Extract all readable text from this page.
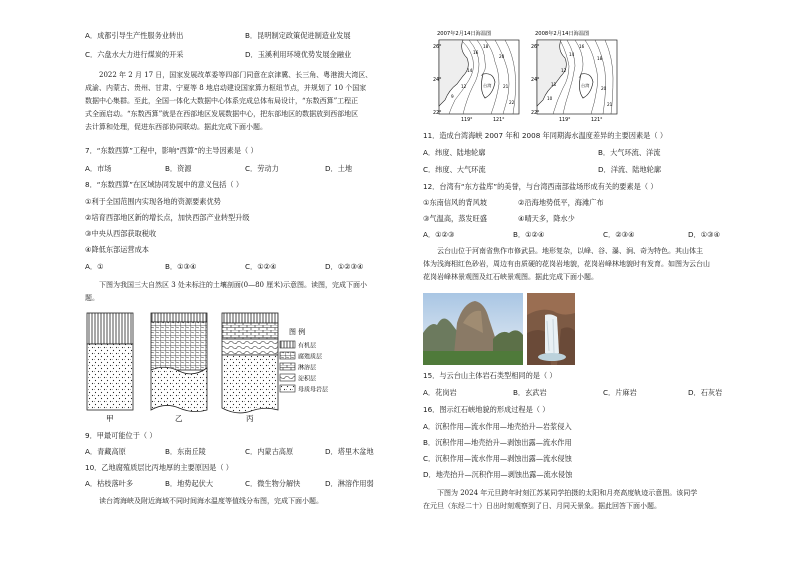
A．成都引导生产性服务业转出	B．昆明制定政策促进制造业发展
C．六盘水大力进行煤炭的开采	D．玉溪利用环境优势发展金融业
2022 年 2 月 17 日，国家发展改革委等四部门同意在京津冀、长三角、粤港澳大湾区、
成渝、内蒙古、贵州、甘肃、宁夏等 8 地启动建设国家算力枢纽节点，并规划了 10 个国家
数据中心集群。至此，全国一体化大数据中心体系完成总体布局设计，“东数西算”工程正
式全面启动。“东数西算”就是在西部地区发展数据中心，把东部地区的数据放到西部地区
去计算和处理，促进东西部协同联动。据此完成下面小题。
7．“东数西算”工程中，影响“西算”的主导因素是（ ）
A．市场	B．资源	C．劳动力	D．土地
8．“东数西算”在区域协同发展中的意义包括（ ）
①利于全国范围内实现各地的资源要素优势
②培育西部地区新的增长点，加快西部产业转型升级
③中央从西部获取税收
④降低东部运营成本
A．①	B．①③④	C．①②④	D．①②③④
下图为我国三大自然区 3 处未标注的土壤剖面(0—80 厘米)示意图。读图，完成下面小
题。
甲	乙	丙
图 例
有机层
腐殖质层
淋溶层
淀积层
母质母岩层
9．甲最可能位于（ ）
A．青藏高原	B．东南丘陵	C．内蒙古高原	D．塔里木盆地
10．乙地腐殖质层比丙地厚的主要原因是（ ）
A．枯枝落叶多	B．地势起伏大	C．微生物分解快	D．淋溶作用弱
读台湾海峡及附近海域不同时间海水温度等值线分布图，完成下面小题。
2007年2月14日海温图
26°
24°
22°
119°	121°
9
12
14
16
18
20
21
22
台湾
2008年2月14日海温图
26°
24°
22°
119°	121°
10
11
12
14
16
18
20
21
台湾
11．造成台湾海峡 2007 年和 2008 年同期海水温度差异的主要因素是（ ）
A．纬度、陆地轮廓	B．大气环流、洋流
C．纬度、大气环流	D．洋流、陆地轮廓
12．台湾有“东方盐库”的美誉，与台湾西南部盐场形成有关的要素是（ ）
①东南信风的背风坡	②沿海地势低平，海滩广布
③气温高，蒸发旺盛	④晴天多，降水少
A．①②③	B．①②④	C．②③④	D．①③④
云台山位于河南省焦作市修武县。地形复杂，以峰、谷、瀑、涧、奇为特色。其山体主
体为浅海相红色砂岩，周边有由质硬的花岗岩地貌，花岗岩峰林地貌时有发育。如图为云台山
花岗岩峰林景观图及红石峡景观图。据此完成下面小题。
15．与云台山主体岩石类型相同的是（ ）
A．花岗岩	B．玄武岩	C．片麻岩	D．石灰岩
16．图示红石峡地貌的形成过程是（ ）
A．沉积作用—流水作用—地壳抬升—岩浆侵入
B．沉积作用—地壳抬升—剥蚀出露—流水作用
C．沉积作用—流水作用—剥蚀出露—流水侵蚀
D．地壳抬升—沉积作用—剥蚀出露—流水侵蚀
下图为 2024 年元旦跨年时刻江苏某同学拍摄的太阳和月亮高度轨迹示意图。该同学
在元旦（东经二十）日出时刻观察到了日、月同天景象。据此回答下面小题。
